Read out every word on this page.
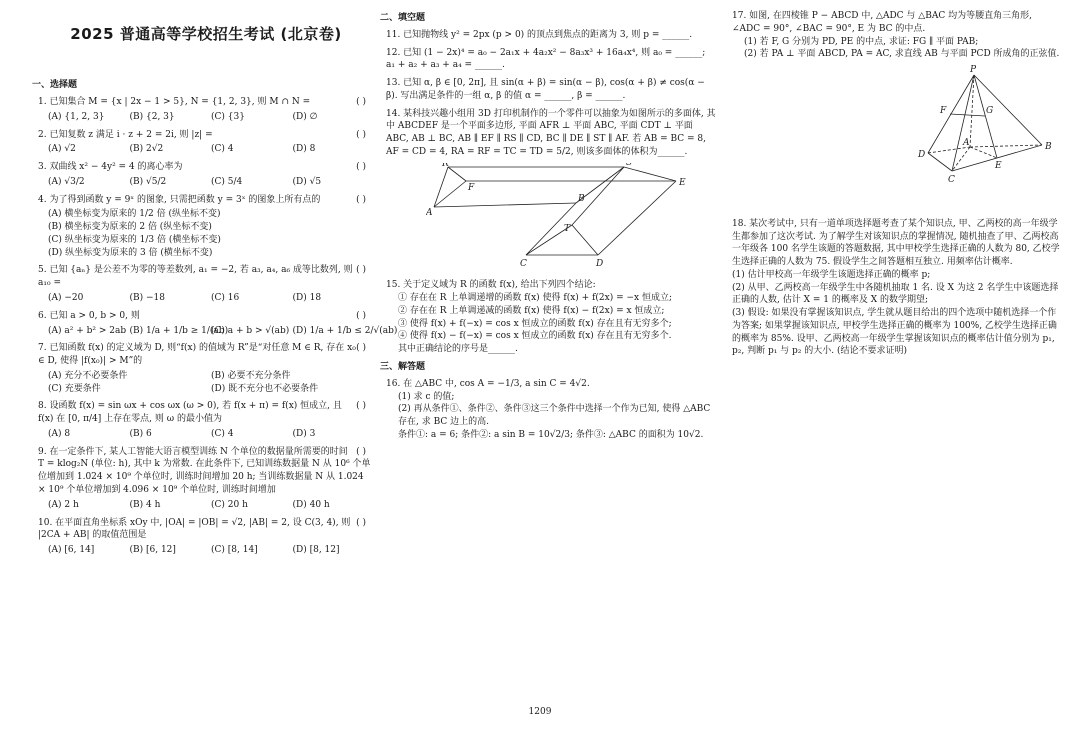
2025 普通高等学校招生考试 (北京卷)
一、选择题
( )
1. 已知集合 M = {x | 2x − 1 > 5}, N = {1, 2, 3}, 则 M ∩ N =
(A) {1, 2, 3}	(B) {2, 3}	(C) {3}	(D) ∅
( )
2. 已知复数 z 满足 i · z + 2 = 2i, 则 |z| =
(A) √2	(B) 2√2	(C) 4	(D) 8
( )
3. 双曲线 x² − 4y² = 4 的离心率为
(A) √3/2	(B) √5/2	(C) 5/4	(D) √5
( )
4. 为了得到函数 y = 9ˣ 的图象, 只需把函数 y = 3ˣ 的图象上所有点的
(A) 横坐标变为原来的 1/2 倍 (纵坐标不变)
(B) 横坐标变为原来的 2 倍 (纵坐标不变)
(C) 纵坐标变为原来的 1/3 倍 (横坐标不变)
(D) 纵坐标变为原来的 3 倍 (横坐标不变)
( )
5. 已知 {aₙ} 是公差不为零的等差数列, a₁ = −2, 若 a₃, a₄, a₆ 成等比数列, 则 a₁₀ =
(A) −20	(B) −18	(C) 16	(D) 18
( )
6. 已知 a > 0, b > 0, 则
(A) a² + b² > 2ab (B) 1/a + 1/b ≥ 1/(ab)
(C) a + b > √(ab) (D) 1/a + 1/b ≤ 2/√(ab)
( )
7. 已知函数 f(x) 的定义域为 D, 则“f(x) 的值域为 R”是“对任意 M ∈ R, 存在 x₀ ∈ D, 使得 |f(x₀)| > M”的
(A) 充分不必要条件	(B) 必要不充分条件
(C) 充要条件	(D) 既不充分也不必要条件
( )
8. 设函数 f(x) = sin ωx + cos ωx (ω > 0), 若 f(x + π) = f(x) 恒成立, 且 f(x) 在 [0, π/4] 上存在零点, 则 ω 的最小值为
(A) 8	(B) 6	(C) 4	(D) 3
( )
9. 在一定条件下, 某人工智能大语言模型训练 N 个单位的数据量所需要的时间 T = klog₂N (单位: h), 其中 k 为常数. 在此条件下, 已知训练数据量 N 从 10⁶ 个单位增加到 1.024 × 10⁹ 个单位时, 训练时间增加 20 h; 当训练数据量 N 从 1.024 × 10⁹ 个单位增加到 4.096 × 10⁹ 个单位时, 训练时间增加
(A) 2 h	(B) 4 h	(C) 20 h	(D) 40 h
( )
10. 在平面直角坐标系 xOy 中, |OA| = |OB| = √2, |AB| = 2, 设 C(3, 4), 则 |2CA + AB| 的取值范围是
(A) [6, 14]	(B) [6, 12]	(C) [8, 14]	(D) [8, 12]
二、填空题
11. 已知抛物线 y² = 2px (p > 0) 的顶点到焦点的距离为 3, 则 p = ______.
12. 已知 (1 − 2x)⁴ = a₀ − 2a₁x + 4a₂x² − 8a₃x³ + 16a₄x⁴, 则 a₀ = ______; a₁ + a₂ + a₃ + a₄ = ______.
13. 已知 α, β ∈ [0, 2π], 且 sin(α + β) = sin(α − β), cos(α + β) ≠ cos(α − β). 写出满足条件的一组 α, β 的值 α = ______, β = ______.
14. 某科技兴趣小组用 3D 打印机制作的一个零件可以抽象为如图所示的多面体, 其中 ABCDEF 是一个平面多边形, 平面 AFR ⊥ 平面 ABC, 平面 CDT ⊥ 平面 ABC, AB ⊥ BC, AB ∥ EF ∥ RS ∥ CD, BC ∥ DE ∥ ST ∥ AF. 若 AB = BC = 8, AF = CD = 4, RA = RF = TC = TD = 5/2, 则该多面体的体积为______.
R	S
F	E
A
B
T
C	D
15. 关于定义域为 R 的函数 f(x), 给出下列四个结论:
① 存在在 R 上单调递增的函数 f(x) 使得 f(x) + f(2x) = −x 恒成立;
② 存在在 R 上单调递减的函数 f(x) 使得 f(x) − f(2x) = x 恒成立;
③ 使得 f(x) + f(−x) = cos x 恒成立的函数 f(x) 存在且有无穷多个;
④ 使得 f(x) − f(−x) = cos x 恒成立的函数 f(x) 存在且有无穷多个.
其中正确结论的序号是______.
三、解答题
16. 在 △ABC 中, cos A = −1/3, a sin C = 4√2.
(1) 求 c 的值;
(2) 再从条件①、条件②、条件③这三个条件中选择一个作为已知, 使得 △ABC 存在, 求 BC 边上的高.
条件①: a = 6; 条件②: a sin B = 10√2/3; 条件③: △ABC 的面积为 10√2.
17. 如图, 在四棱锥 P − ABCD 中, △ADC 与 △BAC 均为等腰直角三角形, ∠ADC = 90°, ∠BAC = 90°, E 为 BC 的中点.
(1) 若 F, G 分别为 PD, PE 的中点, 求证: FG ∥ 平面 PAB;
(2) 若 PA ⊥ 平面 ABCD, PA = AC, 求直线 AB 与平面 PCD 所成角的正弦值.
P
F	G
A
D
B
E
C
18. 某次考试中, 只有一道单项选择题考查了某个知识点, 甲、乙两校的高一年级学生都参加了这次考试. 为了解学生对该知识点的掌握情况, 随机抽查了甲、乙两校高一年级各 100 名学生该题的答题数据, 其中甲校学生选择正确的人数为 80, 乙校学生选择正确的人数为 75. 假设学生之间答题相互独立. 用频率估计概率.
(1) 估计甲校高一年级学生该题选择正确的概率 p;
(2) 从甲、乙两校高一年级学生中各随机抽取 1 名. 设 X 为这 2 名学生中该题选择正确的人数, 估计 X = 1 的概率及 X 的数学期望;
(3) 假设: 如果没有掌握该知识点, 学生就从题目给出的四个选项中随机选择一个作为答案; 如果掌握该知识点, 甲校学生选择正确的概率为 100%, 乙校学生选择正确的概率为 85%. 设甲、乙两校高一年级学生掌握该知识点的概率估计值分别为 p₁, p₂, 判断 p₁ 与 p₂ 的大小. (结论不要求证明)
1209
